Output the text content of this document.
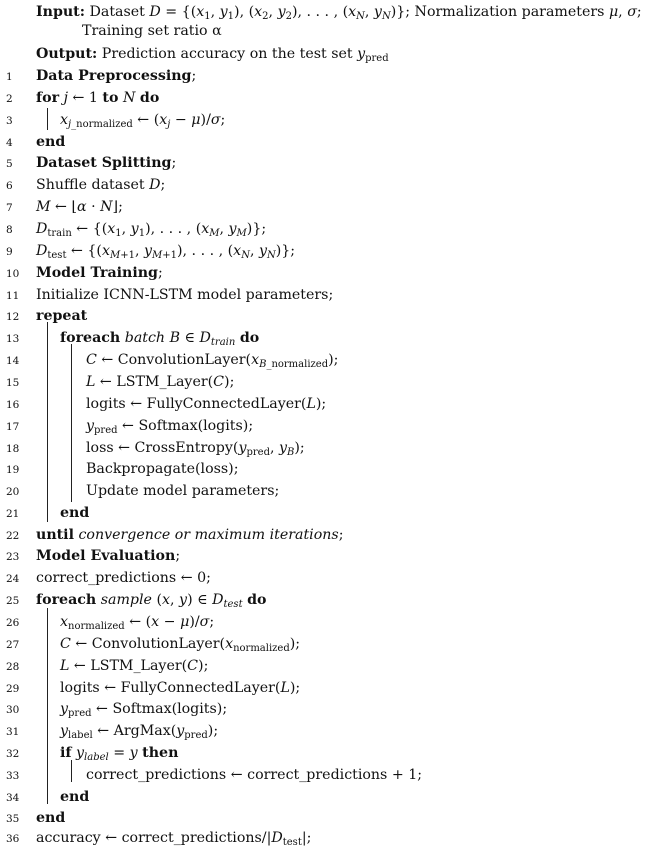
Input: Dataset $D = \{(x_1$, $y_1$), ($x_2$, $y_2$), . . . , ($x_N$, $y_N$)}; Normalization parameters μ, σ;
Training set ratio α
Output: Prediction accuracy on the test set $y_{pred}$
1	Data Preprocessing;
2	for j ← 1 to N do
3	$x_{j\_normalized}$ ← $(x_j - \mu)/\sigma$;
4	end
5	Dataset Splitting;
6	Shuffle dataset D;
7	M ← ⌊α · N⌋;
8	$D_{train}$ ← {($x_1$, $y_1$), . . . , ($x_M$, $y_M$)};
9	$D_{test}$ ← {($x_{M+1}$, $y_{M+1}$), . . . , ($x_N$, $y_N$)};
10	Model Training;
11	Initialize ICNN-LSTM model parameters;
12	repeat
13	foreach batch B ∈ $D_{train}$ do
14	C ← $ConvolutionLayer(x_{B\_normalized})$;
15	L ← LSTM_Layer(C);
16	logits ← FullyConnectedLayer(L);
17	$y_{pred}$ ← Softmax(logits);
18	loss ← $CrossEntropy(y_{pred}$, $y_B$);
19	Backpropagate(loss);
20	Update model parameters;
21	end
22	until convergence or maximum iterations;
23	Model Evaluation;
24	correct_predictions ← 0;
25	foreach sample (x, y) ∈ $D_{test}$ do
26	$x_{normalized}$ ← (x − μ)/σ;
27	C ← $ConvolutionLayer(x_{normalized})$;
28	L ← LSTM_Layer(C);
29	logits ← FullyConnectedLayer(L);
30	$y_{pred}$ ← Softmax(logits);
31	$y_{label}$ ← $ArgMax(y_{pred})$;
32	if $y_{label} = y$ then
33	correct_predictions ← correct_predictions + 1;
34	end
35	end
36	accuracy ← $correct\_predictions/|D_{test}|$;
